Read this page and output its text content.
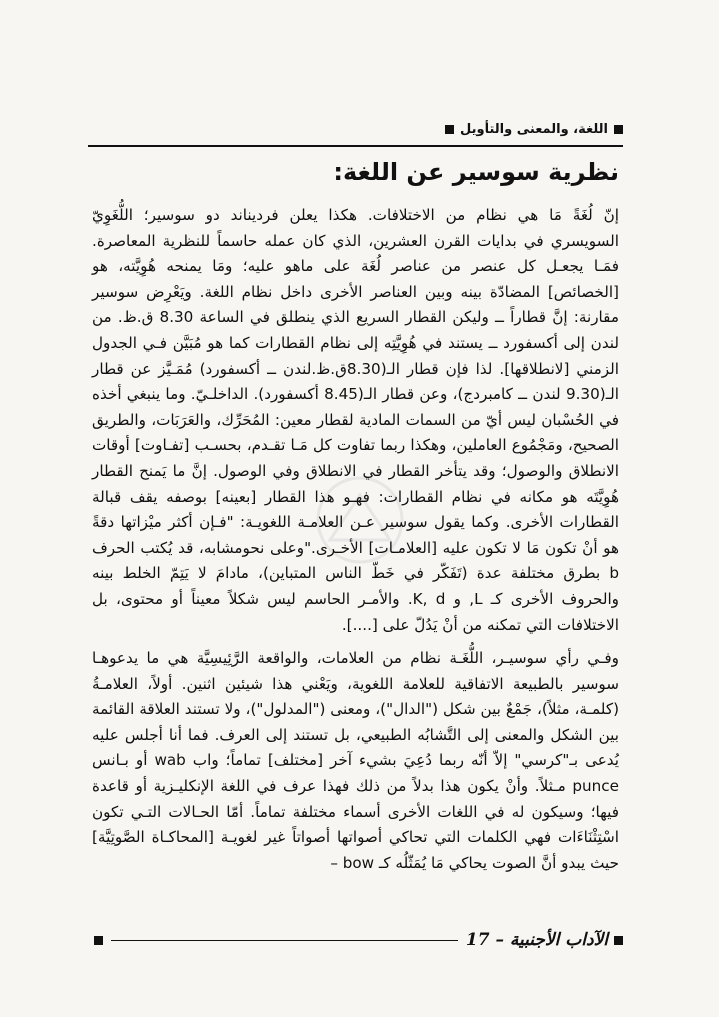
اللغة، والمعنى والتأويل
نظرية سوسير عن اللغة:

إنّ لُغَةً مَا هي نظام من الاختلافات. هكذا يعلن فرديناند دو سوسير؛ اللُّغَوِيّ السويسري في بدايات القرن العشرين، الذي كان عمله حاسماً للنظرية المعاصرة. فمَـا يجعـل كل عنصر من عناصر لُغَة على ماهو عليه؛ ومَا يمنحه هُوِيَّته، هو [الخصائص] المضادّة بينه وبين العناصر الأخرى داخل نظام اللغة. ويَعْرِض سوسير مقارنة: إنَّ قطاراً ــ وليكن القطار السريع الذي ينطلق في الساعة 8.30 ق.ظ. من لندن إلى أكسفورد ــ يستند في هُوِيَّتِه إلى نظام القطارات كما هو مُبَيَّن فـي الجدول الزمني [لانطلاقها]. لذا فإن قطار الـ(8.30ق.ظ.لندن ــ أكسفورد) مُمَـيَّز عن قطار الـ(9.30 لندن ــ كامبردج)، وعن قطار الـ(8.45 أكسفورد). الداخلـيّ. وما ينبغي أخذه في الحُسْبان ليس أيّ من السمات المادية لقطار معين: المُحَرِّك، والعَرَبَات، والطريق الصحيح، ومَجْمُوع العاملين، وهكذا ربما تفاوت كل مَـا تقـدم، بحسـب [تفـاوت] أوقات الانطلاق والوصول؛ وقد يتأخر القطار في الانطلاق وفي الوصول. إنَّ ما يَمنح القطار هُوِيَّتَه هو مكانه في نظام القطارات: فهـو هذا القطار [بعينه] بوصفه يقف قبالة القطارات الأخرى. وكما يقول سوسير عـن العلامـة اللغويـة: "فـإن أكثر ميْزاتها دقةً هو أنْ تكون مَا لا تكون عليه [العلامـات] الأخـرى."وعلى نحومشابه، قد يُكتب الحرف b بطرق مختلفة عدة (تَفَكّر في خَطّ الناس المتباين)، مادامَ لا يَتِمّ الخلط بينه والحروف الأخرى كـ L, و K, d. والأمـر الحاسم ليس شكلاً معيناً أو محتوى، بل الاختلافات التي تمكنه من أنْ يَدُلّ على [....].

وفـي رأي سوسيـر، اللُّغَـة نظام من العلامات، والواقعة الرَّئِيسِيَّة هي ما يدعوهـا سوسير بالطبيعة الاتفاقية للعلامة اللغوية، ويَعْني هذا شيئين اثنين. أولاً، العلامـةُ (كلمـة، مثلاً)، جَمْعٌ بين شكل ("الدال")، ومعنى ("المدلول")، ولا تستند العلاقة القائمة بين الشكل والمعنى إلى التَّشابُه الطبيعي، بل تستند إلى العرف. فما أنا أجلس عليه يُدعى بـ"كرسي" إلاّ أنّه ربما دُعِيَ بشيء آخر [مختلف] تماماً؛ واب wab أو بـانس punce مـثلاً. وأنْ يكون هذا بدلاً من ذلك فهذا عرف في اللغة الإنكليـزية أو قاعدة فيها؛ وسيكون له في اللغات الأخرى أسماء مختلفة تماماً. أمّا الحـالات التـي تكون اسْتِثْنَاءَات فهي الكلمات التي تحاكي أصواتها أصواتاً غير لغويـة [المحاكـاة الصَّوتِيَّة] حيث يبدو أنَّ الصوت يحاكي مَا يُمَثّلُه كـ bow –

الآداب الأجنبية – 17
